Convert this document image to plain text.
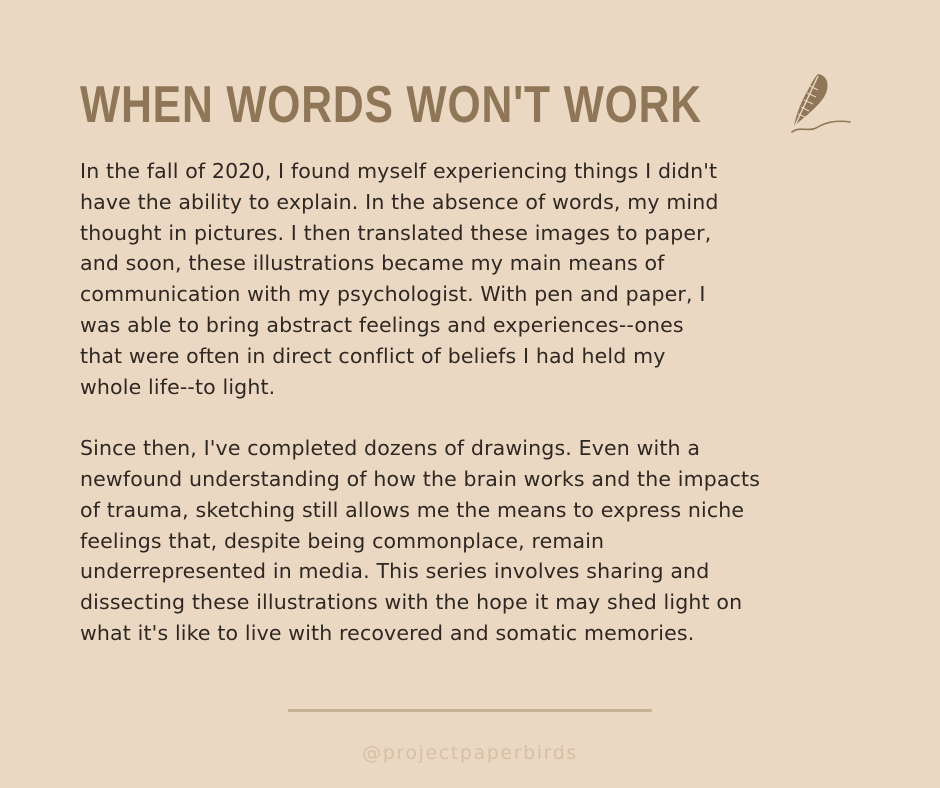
WHEN WORDS WON'T WORK

In the fall of 2020, I found myself experiencing things I didn't
have the ability to explain. In the absence of words, my mind
thought in pictures. I then translated these images to paper,
and soon, these illustrations became my main means of
communication with my psychologist. With pen and paper, I
was able to bring abstract feelings and experiences--ones
that were often in direct conflict of beliefs I had held my
whole life--to light.

Since then, I've completed dozens of drawings. Even with a
newfound understanding of how the brain works and the impacts
of trauma, sketching still allows me the means to express niche
feelings that, despite being commonplace, remain
underrepresented in media. This series involves sharing and
dissecting these illustrations with the hope it may shed light on
what it's like to live with recovered and somatic memories.

@projectpaperbirds
